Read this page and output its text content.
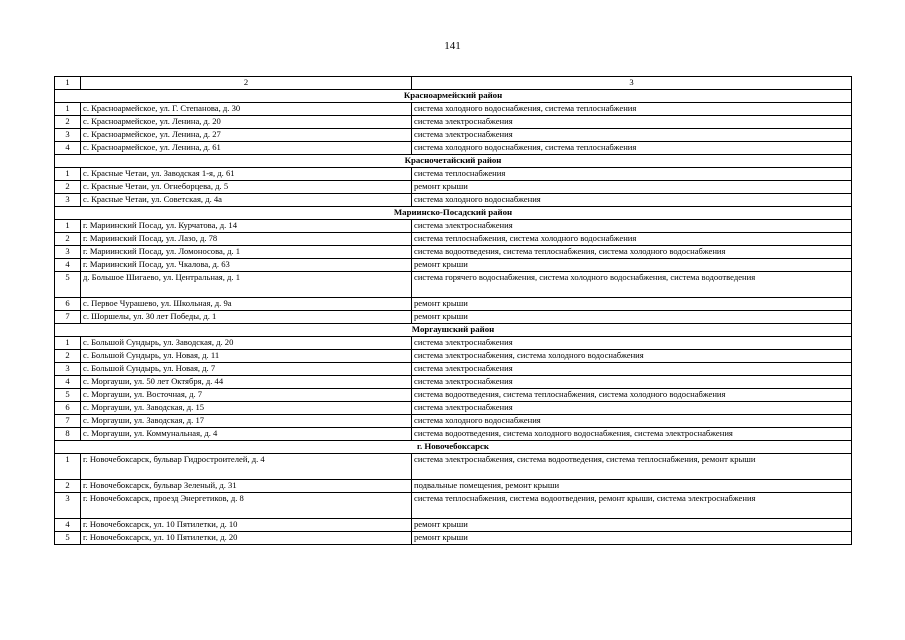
141
1	2	3
Красноармейский район		
1	с. Красноармейское, ул. Г. Степанова, д. 30	система холодного водоснабжения, система теплоснабжения
2	с. Красноармейское, ул. Ленина, д. 20	система электроснабжения
3	с. Красноармейское, ул. Ленина, д. 27	система электроснабжения
4	с. Красноармейское, ул. Ленина, д. 61	система холодного водоснабжения, система теплоснабжения
Красночетайский район		
1	с. Красные Четаи, ул. Заводская 1-я, д. 61	система теплоснабжения
2	с. Красные Четаи, ул. Огнеборцева, д. 5	ремонт крыши
3	с. Красные Четаи, ул. Советская, д. 4а	система холодного водоснабжения
Мариинско-Посадский район		
1	г. Мариинский Посад, ул. Курчатова, д. 14	система электроснабжения
2	г. Мариинский Посад, ул. Лазо, д. 78	система теплоснабжения, система холодного водоснабжения
3	г. Мариинский Посад, ул. Ломоносова, д. 1	система водоотведения, система теплоснабжения, система холодного водоснабжения
4	г. Мариинский Посад, ул. Чкалова, д. 63	ремонт крыши
5	д. Большое Шигаево, ул. Центральная, д. 1	система горячего водоснабжения, система холодного водоснабжения, система водоотведения
6	с. Первое Чурашево, ул. Школьная, д. 9а	ремонт крыши
7	с. Шоршелы, ул. 30 лет Победы, д. 1	ремонт крыши
Моргаушский район		
1	с. Большой Сундырь, ул. Заводская, д. 20	система электроснабжения
2	с. Большой Сундырь, ул. Новая, д. 11	система электроснабжения, система холодного водоснабжения
3	с. Большой Сундырь, ул. Новая, д. 7	система электроснабжения
4	с. Моргауши, ул. 50 лет Октября, д. 44	система электроснабжения
5	с. Моргауши, ул. Восточная, д. 7	система водоотведения, система теплоснабжения, система холодного водоснабжения
6	с. Моргауши, ул. Заводская, д. 15	система электроснабжения
7	с. Моргауши, ул. Заводская, д. 17	система холодного водоснабжения
8	с. Моргауши, ул. Коммунальная, д. 4	система водоотведения, система холодного водоснабжения, система электроснабжения
г. Новочебоксарск		
1	г. Новочебоксарск, бульвар Гидростроителей, д. 4	система электроснабжения, система водоотведения, система теплоснабжения, ремонт крыши
2	г. Новочебоксарск, бульвар Зеленый, д. 31	подвальные помещения, ремонт крыши
3	г. Новочебоксарск, проезд Энергетиков, д. 8	система теплоснабжения, система водоотведения, ремонт крыши, система электроснабжения
4	г. Новочебоксарск, ул. 10 Пятилетки, д. 10	ремонт крыши
5	г. Новочебоксарск, ул. 10 Пятилетки, д. 20	ремонт крыши
